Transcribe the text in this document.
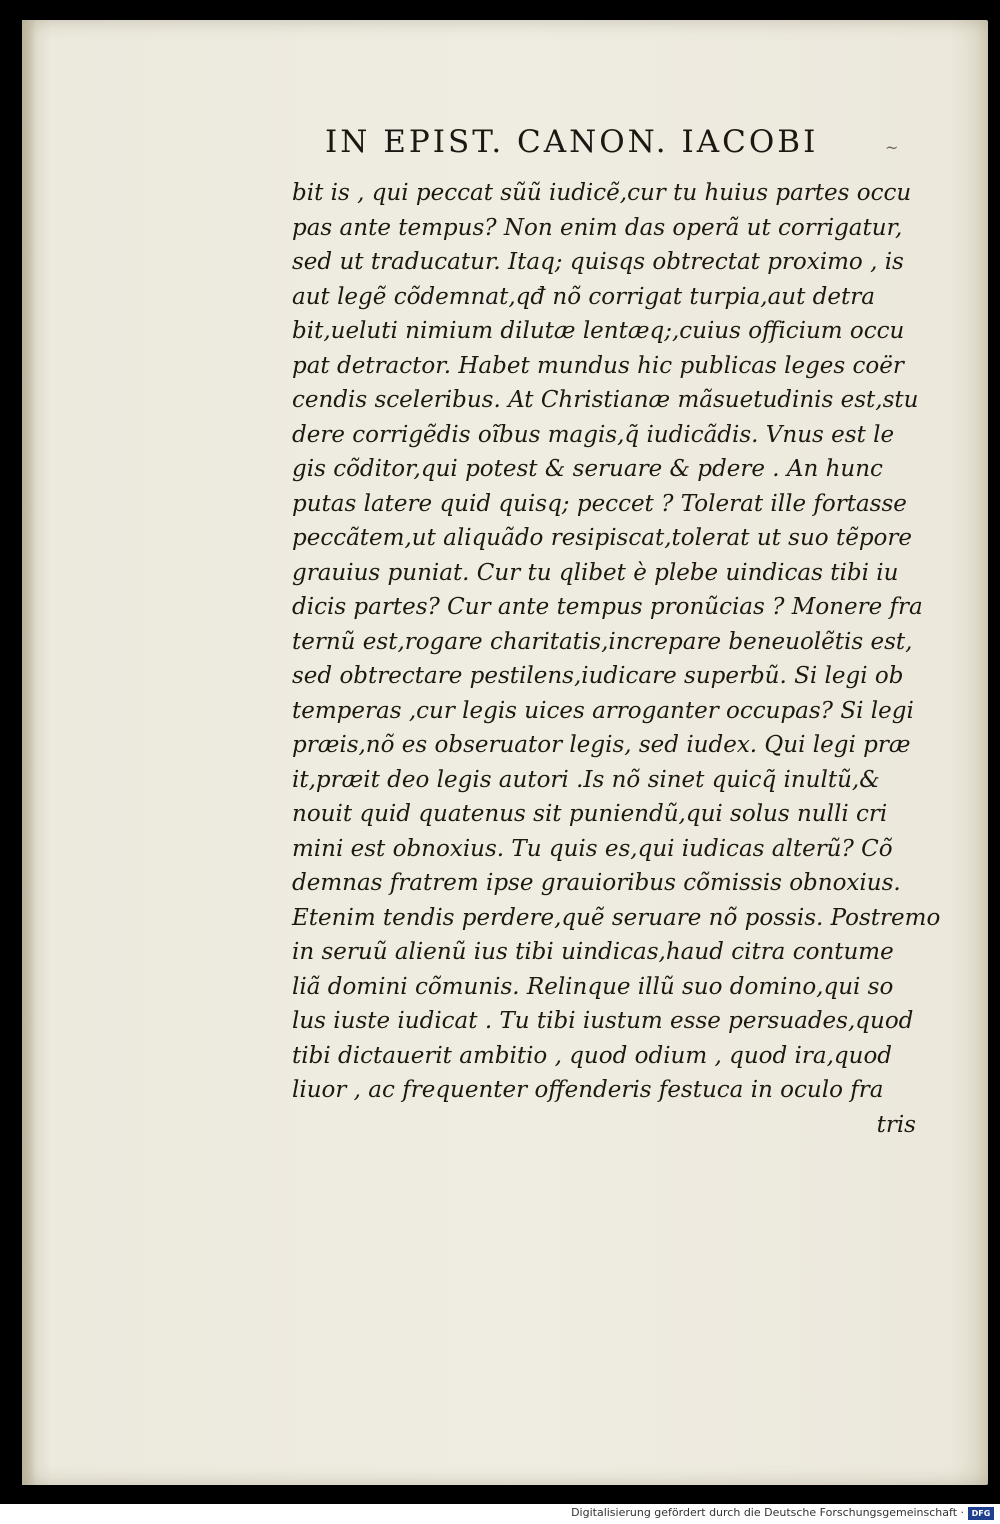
IN EPIST. CANON. IACOBI	~
bit is , qui peccat sũũ iudicẽ,cur tu huius partes occu
pas ante tempus? Non enim das operã ut corrigatur,
sed ut traducatur. Itaq; quisqs obtrectat proximo , is
aut legẽ cõdemnat,qđ nõ corrigat turpia,aut detra
bit,ueluti nimium dilutæ lentæq;,cuius officium occu
pat detractor. Habet mundus hic publicas leges coër
cendis sceleribus. At Christianæ mãsuetudinis est,stu
dere corrigẽdis oĩbus magis,q̃ iudicãdis. Vnus est le
gis cõditor,qui potest & seruare & pdere . An hunc
putas latere quid quisq; peccet ? Tolerat ille fortasse
peccãtem,ut aliquãdo resipiscat,tolerat ut suo tẽpore
grauius puniat. Cur tu qlibet è plebe uindicas tibi iu
dicis partes? Cur ante tempus pronũcias ? Monere fra
ternũ est,rogare charitatis,increpare beneuolẽtis est,
sed obtrectare pestilens,iudicare superbũ. Si legi ob
temperas ,cur legis uices arroganter occupas? Si legi
præis,nõ es obseruator legis, sed iudex. Qui legi præ
it,præit deo legis autori .Is nõ sinet quicq̃ inultũ,&
nouit quid quatenus sit puniendũ,qui solus nulli cri
mini est obnoxius. Tu quis es,qui iudicas alterũ? Cõ
demnas fratrem ipse grauioribus cõmissis obnoxius.
Etenim tendis perdere,quẽ seruare nõ possis. Postremo
in seruũ alienũ ius tibi uindicas,haud citra contume
liã domini cõmunis. Relinque illũ suo domino,qui so
lus iuste iudicat . Tu tibi iustum esse persuades,quod
tibi dictauerit ambitio , quod odium , quod ira,quod
liuor , ac frequenter offenderis festuca in oculo fra
tris
Digitalisierung gefördert durch die Deutsche Forschungsgemeinschaft · DFG
